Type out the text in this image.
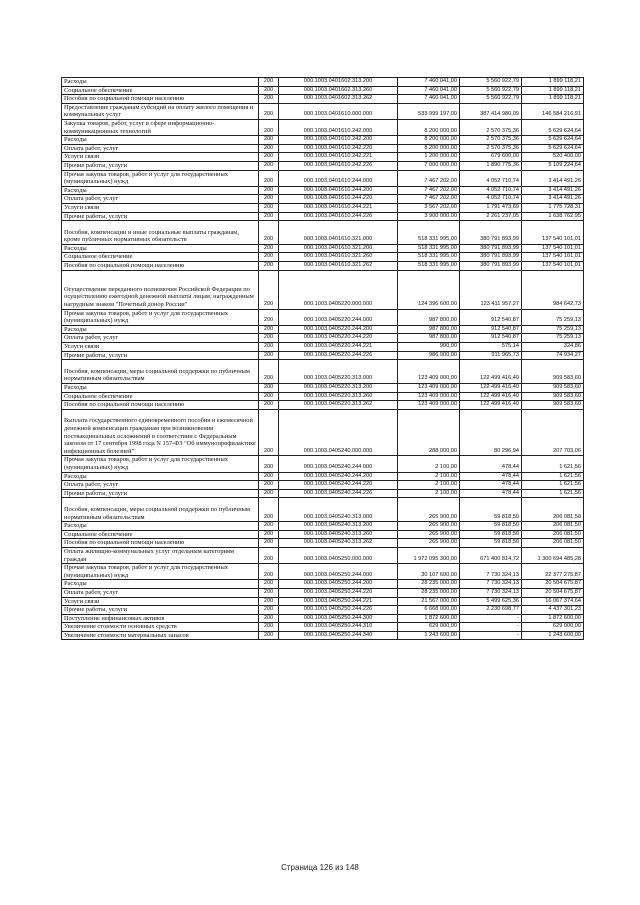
Расходы	200	000.1003.0401602.313.200	7 460 041,00	5 560 922,79	1 899 118,21
Социальное обеспечение	200	000.1003.0401602.313.260	7 460 041,00	5 560 922,79	1 899 118,21
Пособия по социальной помощи населению	200	000.1003.0401602.313.262	7 460 041,00	5 560 922,79	1 899 118,21
Предоставление гражданам субсидий на оплату жилого помещения и коммунальных услуг	200	000.1003.0401610.000.000	533 999 197,00	387 414 980,09	146 584 216,91
Закупка товаров, работ, услуг в сфере информационно-коммуникационных технологий	200	000.1003.0401610.242.000	8 200 000,00	2 570 375,36	5 629 624,64
Расходы	200	000.1003.0401610.242.200	8 200 000,00	2 570 375,36	5 629 624,64
Оплата работ, услуг	200	000.1003.0401610.242.220	8 200 000,00	2 570 375,36	5 629 624,64
Услуги связи	200	000.1003.0401610.242.221	1 200 000,00	679 600,00	520 400,00
Прочие работы, услуги	200	000.1003.0401610.242.226	7 000 000,00	1 890 775,36	5 109 224,64
Прочая закупка товаров, работ и услуг для государственных (муниципальных) нужд	200	000.1003.0401610.244.000	7 467 202,00	4 052 710,74	3 414 491,26
Расходы	200	000.1003.0401610.244.200	7 467 202,00	4 052 710,74	3 414 491,26
Оплата работ, услуг	200	000.1003.0401610.244.220	7 467 202,00	4 052 710,74	3 414 491,26
Услуги связи	200	000.1003.0401610.244.221	3 567 202,00	1 791 473,69	1 775 728,31
Прочие работы, услуги	200	000.1003.0401610.244.226	3 900 000,00	2 261 237,05	1 638 762,95
Пособия, компенсации и иные социальные выплаты гражданам, кроме публичных нормативных обязательств	200	000.1003.0401610.321.000	518 331 995,00	380 791 893,99	137 540 101,01
Расходы	200	000.1003.0401610.321.200	518 331 995,00	380 791 893,99	137 540 101,01
Социальное обеспечение	200	000.1003.0401610.321.260	518 331 995,00	380 791 893,99	137 540 101,01
Пособия по социальной помощи населению	200	000.1003.0401610.321.262	518 331 995,00	380 791 893,99	137 540 101,01
Осуществление переданного полномочия Российской Федерации по осуществлению ежегодной денежной выплаты лицам, награжденным нагрудным знаком "Почетный донор России"	200	000.1003.0405220.000.000	124 396 600,00	123 411 957,27	984 642,73
Прочая закупка товаров, работ и услуг для государственных (муниципальных) нужд	200	000.1003.0405220.244.000	987 800,00	912 540,87	75 259,13
Расходы	200	000.1003.0405220.244.200	987 800,00	912 540,87	75 259,13
Оплата работ, услуг	200	000.1003.0405220.244.220	987 800,00	912 540,87	75 259,13
Услуги связи	200	000.1003.0405220.244.221	900,00	575,14	324,86
Прочие работы, услуги	200	000.1003.0405220.244.226	986 900,00	911 965,73	74 934,27
Пособия, компенсации, меры социальной поддержки по публичным нормативным обязательствам	200	000.1003.0405220.313.000	123 409 000,00	122 499 416,40	909 583,60
Расходы	200	000.1003.0405220.313.200	123 409 000,00	122 499 416,40	909 583,60
Социальное обеспечение	200	000.1003.0405220.313.260	123 409 000,00	122 499 416,40	909 583,60
Пособия по социальной помощи населению	200	000.1003.0405220.313.262	123 409 000,00	122 499 416,40	909 583,60
Выплата государственного единовременного пособия и ежемесячной денежной компенсации гражданам при возникновении поствакцинальных осложнений в соответствии с Федеральным законом от 17 сентября 1998 года N 157-ФЗ "Об иммунопрофилактике инфекционных болезней"	200	000.1003.0405240.000.000	288 000,00	80 296,94	207 703,06
Прочая закупка товаров, работ и услуг для государственных (муниципальных) нужд	200	000.1003.0405240.244.000	2 100,00	478,44	1 621,56
Расходы	200	000.1003.0405240.244.200	2 100,00	478,44	1 621,56
Оплата работ, услуг	200	000.1003.0405240.244.220	2 100,00	478,44	1 621,56
Прочие работы, услуги	200	000.1003.0405240.244.226	2 100,00	478,44	1 621,56
Пособия, компенсации, меры социальной поддержки по публичным нормативным обязательствам	200	000.1003.0405240.313.000	265 900,00	59 818,50	206 081,50
Расходы	200	000.1003.0405240.313.200	265 900,00	59 818,50	206 081,50
Социальное обеспечение	200	000.1003.0405240.313.260	265 900,00	59 818,50	206 081,50
Пособия по социальной помощи населению	200	000.1003.0405240.313.262	265 900,00	59 818,50	206 081,50
Оплата жилищно-коммунальных услуг отдельным категориям граждан	200	000.1003.0405250.000.000	1 972 095 300,00	671 400 814,72	1 300 694 485,28
Прочая закупка товаров, работ и услуг для государственных (муниципальных) нужд	200	000.1003.0405250.244.000	30 107 600,00	7 730 324,13	22 377 275,87
Расходы	200	000.1003.0405250.244.200	28 235 000,00	7 730 324,13	20 504 675,87
Оплата работ, услуг	200	000.1003.0405250.244.220	28 235 000,00	7 730 324,13	20 504 675,87
Услуги связи	200	000.1003.0405250.244.221	21 567 000,00	5 499 625,36	16 067 374,64
Прочие работы, услуги	200	000.1003.0405250.244.226	6 668 000,00	2 230 698,77	4 437 301,23
Поступление нефинансовых активов	200	000.1003.0405250.244.300	1 872 600,00	-	1 872 600,00
Увеличение стоимости основных средств	200	000.1003.0405250.244.310	629 000,00	-	629 000,00
Увеличение стоимости материальных запасов	200	000.1003.0405250.244.340	1 243 600,00	-	1 243 600,00
Страница 126 из 148
